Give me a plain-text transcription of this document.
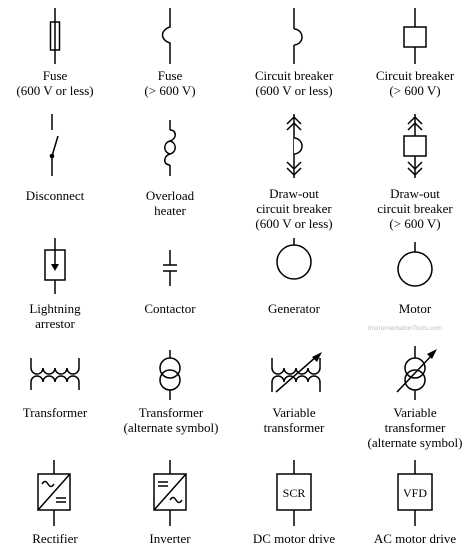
Fuse
(600 V or less)
Fuse
(> 600 V)
Circuit breaker
(600 V or less)
Circuit breaker
(> 600 V)
Disconnect	Overload
heater
Draw-out
circuit breaker
(600 V or less)
Draw-out
circuit breaker
(> 600 V)
Lightning
arrestor
Contactor	Generator	Motor
InstrumentationTools.com
Transformer	Transformer
(alternate symbol)
Variable
transformer
Variable
transformer
(alternate symbol)
Rectifier	Inverter
SCR
DC motor drive
VFD
AC motor drive
